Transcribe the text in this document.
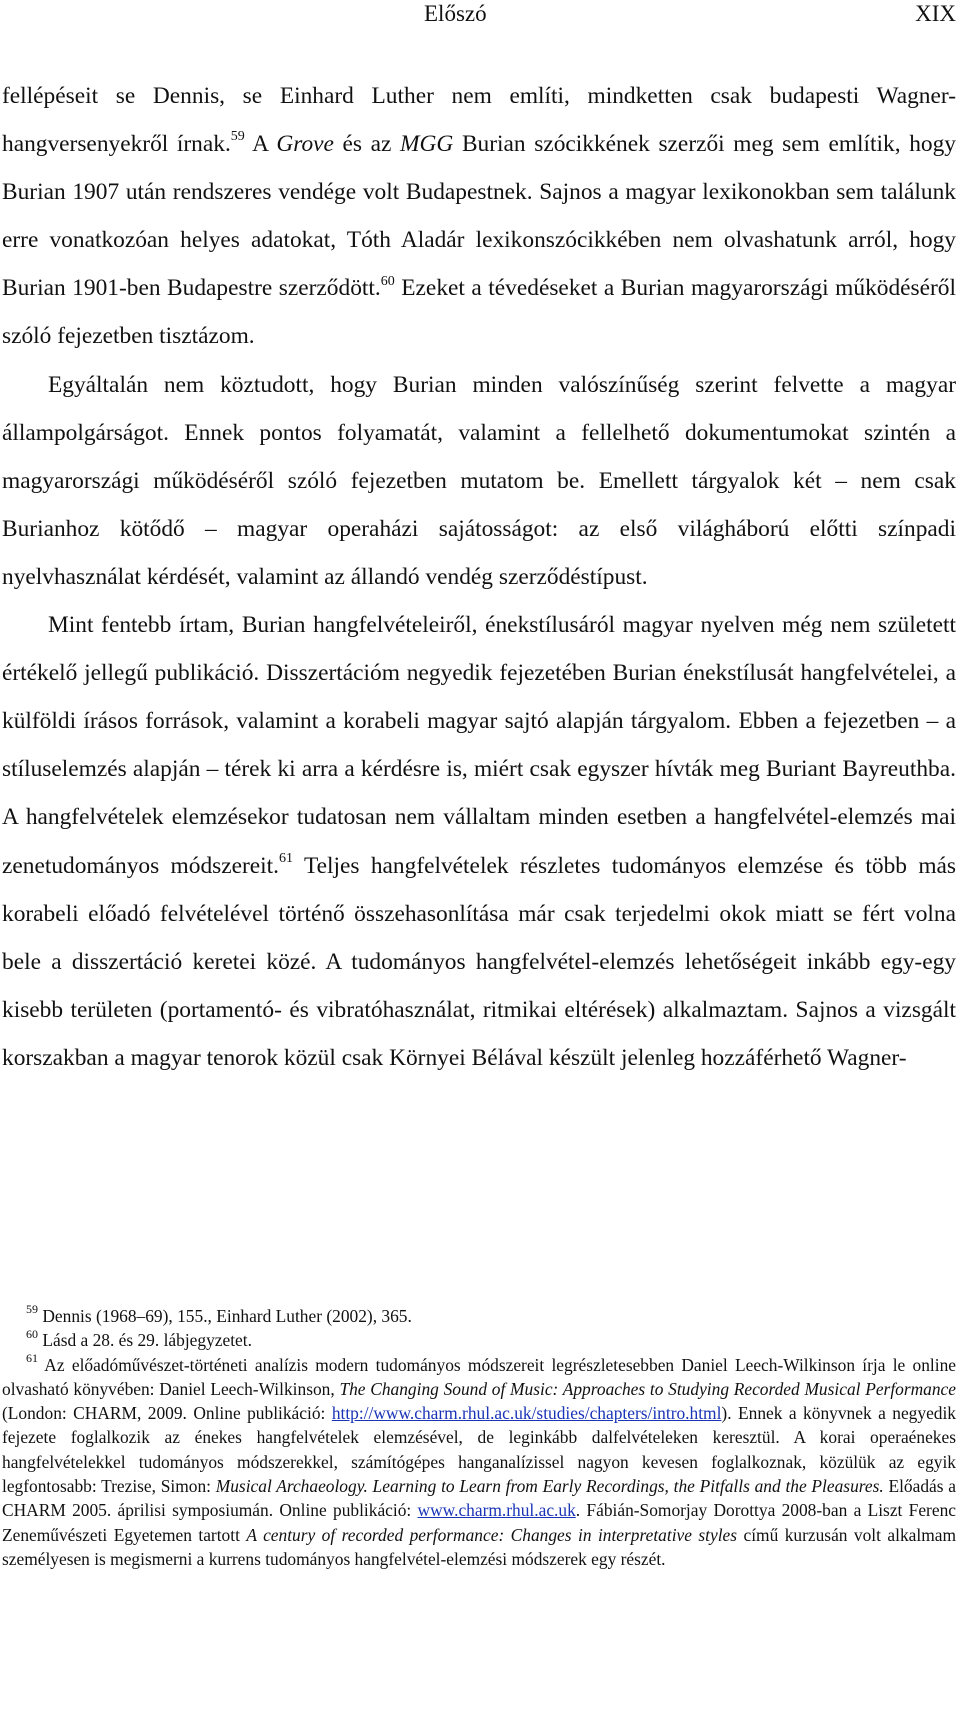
Előszó	XIX

fellépéseit se Dennis, se Einhard Luther nem említi, mindketten csak budapesti Wagner-hangversenyekről írnak.$^{59}$ A Grove és az MGG Burian szócikkének szerzői meg sem említik, hogy Burian 1907 után rendszeres vendége volt Budapestnek. Sajnos a magyar lexikonokban sem találunk erre vonatkozóan helyes adatokat, Tóth Aladár lexikonszócikkében nem olvashatunk arról, hogy Burian 1901-ben Budapestre szerződött.$^{60}$ Ezeket a tévedéseket a Burian magyarországi működéséről szóló fejezetben tisztázom.

Egyáltalán nem köztudott, hogy Burian minden valószínűség szerint felvette a magyar állampolgárságot. Ennek pontos folyamatát, valamint a fellelhető dokumentumokat szintén a magyarországi működéséről szóló fejezetben mutatom be. Emellett tárgyalok két – nem csak Burianhoz kötődő – magyar operaházi sajátosságot: az első világháború előtti színpadi nyelvhasználat kérdését, valamint az állandó vendég szerződéstípust.

Mint fentebb írtam, Burian hangfelvételeiről, énekstílusáról magyar nyelven még nem született értékelő jellegű publikáció. Disszertációm negyedik fejezetében Burian énekstílusát hangfelvételei, a külföldi írásos források, valamint a korabeli magyar sajtó alapján tárgyalom. Ebben a fejezetben – a stíluselemzés alapján – térek ki arra a kérdésre is, miért csak egyszer hívták meg Buriant Bayreuthba. A hangfelvételek elemzésekor tudatosan nem vállaltam minden esetben a hangfelvétel-elemzés mai zenetudományos módszereit.$^{61}$ Teljes hangfelvételek részletes tudományos elemzése és több más korabeli előadó felvételével történő összehasonlítása már csak terjedelmi okok miatt se fért volna bele a disszertáció keretei közé. A tudományos hangfelvétel-elemzés lehetőségeit inkább egy-egy kisebb területen (portamentó- és vibratóhasználat, ritmikai eltérések) alkalmaztam. Sajnos a vizsgált korszakban a magyar tenorok közül csak Környei Bélával készült jelenleg hozzáférhető Wagner-

$^{59}$ Dennis (1968–69), 155., Einhard Luther (2002), 365.

$^{60}$ Lásd a 28. és 29. lábjegyzetet.

$^{61}$ Az előadóművészet-történeti analízis modern tudományos módszereit legrészletesebben Daniel Leech-Wilkinson írja le online olvasható könyvében: Daniel Leech-Wilkinson, The Changing Sound of Music: Approaches to Studying Recorded Musical Performance (London: CHARM, 2009. Online publikáció: http://www.charm.rhul.ac.uk/studies/chapters/intro.html). Ennek a könyvnek a negyedik fejezete foglalkozik az énekes hangfelvételek elemzésével, de leginkább dalfelvételeken keresztül. A korai operaénekes hangfelvételekkel tudományos módszerekkel, számítógépes hanganalízissel nagyon kevesen foglalkoznak, közülük az egyik legfontosabb: Trezise, Simon: Musical Archaeology. Learning to Learn from Early Recordings, the Pitfalls and the Pleasures. Előadás a CHARM 2005. áprilisi symposiumán. Online publikáció: www.charm.rhul.ac.uk. Fábián-Somorjay Dorottya 2008-ban a Liszt Ferenc Zeneművészeti Egyetemen tartott A century of recorded performance: Changes in interpretative styles című kurzusán volt alkalmam személyesen is megismerni a kurrens tudományos hangfelvétel-elemzési módszerek egy részét.
